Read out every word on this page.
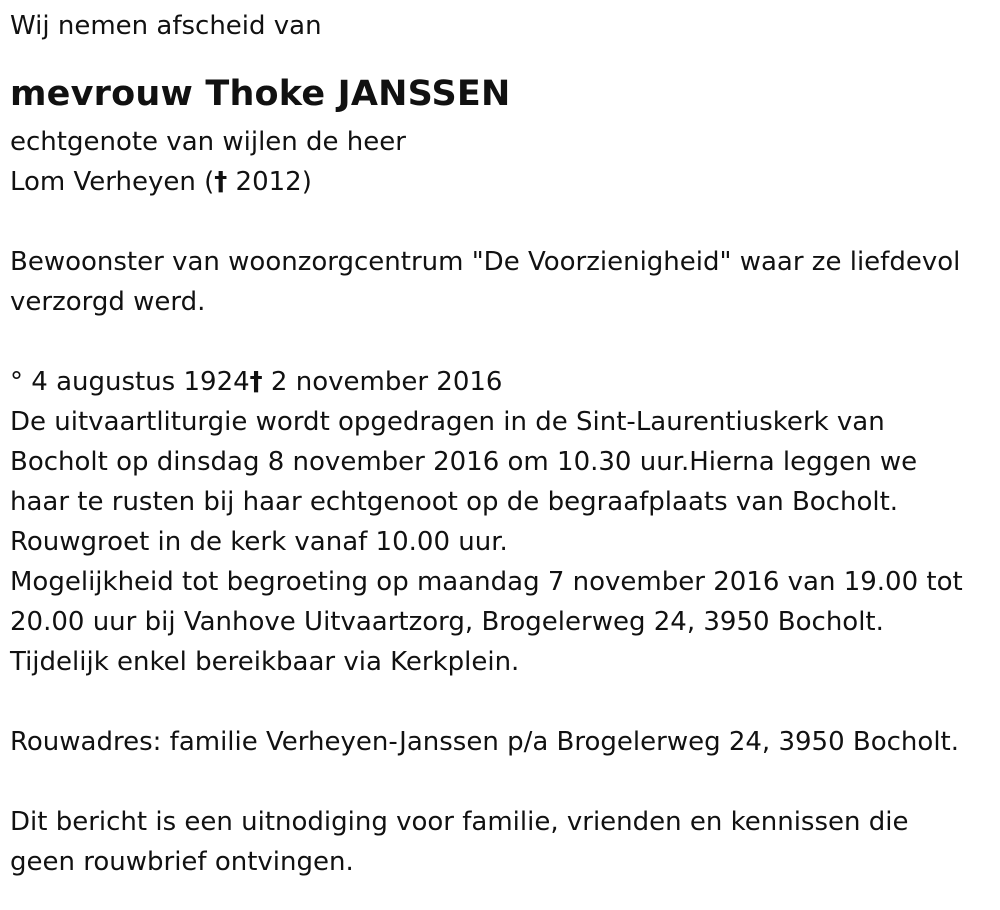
Wij nemen afscheid van
mevrouw Thoke JANSSEN
echtgenote van wijlen de heer
Lom Verheyen († 2012)
Bewoonster van woonzorgcentrum "De Voorzienigheid" waar ze liefdevol
verzorgd werd.
° 4 augustus 1924† 2 november 2016
De uitvaartliturgie wordt opgedragen in de Sint-Laurentiuskerk van
Bocholt op dinsdag 8 november 2016 om 10.30 uur.Hierna leggen we
haar te rusten bij haar echtgenoot op de begraafplaats van Bocholt.
Rouwgroet in de kerk vanaf 10.00 uur.
Mogelijkheid tot begroeting op maandag 7 november 2016 van 19.00 tot
20.00 uur bij Vanhove Uitvaartzorg, Brogelerweg 24, 3950 Bocholt.
Tijdelijk enkel bereikbaar via Kerkplein.
Rouwadres: familie Verheyen-Janssen p/a Brogelerweg 24, 3950 Bocholt.
Dit bericht is een uitnodiging voor familie, vrienden en kennissen die
geen rouwbrief ontvingen.
